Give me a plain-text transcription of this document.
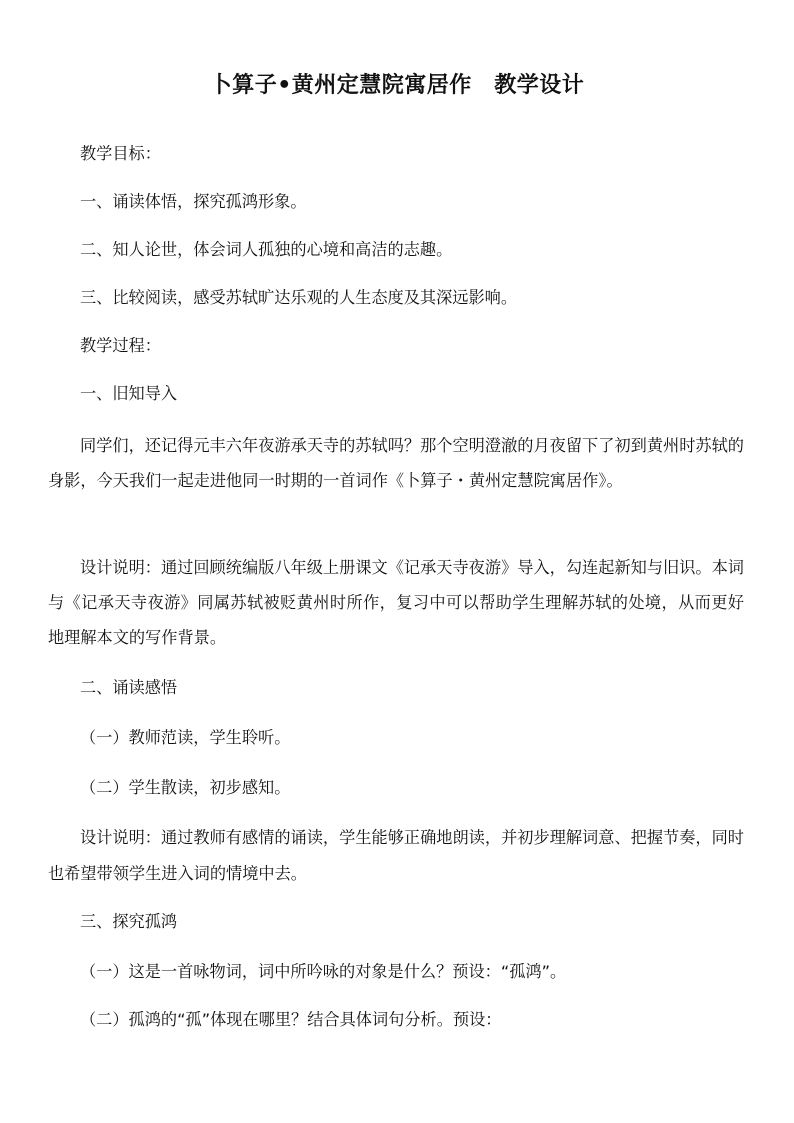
卜算子•黄州定慧院寓居作　教学设计

教学目标：

一、诵读体悟，探究孤鸿形象。

二、知人论世，体会词人孤独的心境和高洁的志趣。

三、比较阅读，感受苏轼旷达乐观的人生态度及其深远影响。

教学过程：

一、旧知导入

同学们，还记得元丰六年夜游承天寺的苏轼吗？那个空明澄澈的月夜留下了初到黄州时苏轼的身影，今天我们一起走进他同一时期的一首词作《卜算子・黄州定慧院寓居作》。

设计说明：通过回顾统编版八年级上册课文《记承天寺夜游》导入，勾连起新知与旧识。本词与《记承天寺夜游》同属苏轼被贬黄州时所作，复习中可以帮助学生理解苏轼的处境，从而更好地理解本文的写作背景。

二、诵读感悟

（一）教师范读，学生聆听。

（二）学生散读，初步感知。

设计说明：通过教师有感情的诵读，学生能够正确地朗读，并初步理解词意、把握节奏，同时也希望带领学生进入词的情境中去。

三、探究孤鸿

（一）这是一首咏物词，词中所吟咏的对象是什么？预设：“孤鸿”。

（二）孤鸿的“孤”体现在哪里？结合具体词句分析。预设：
